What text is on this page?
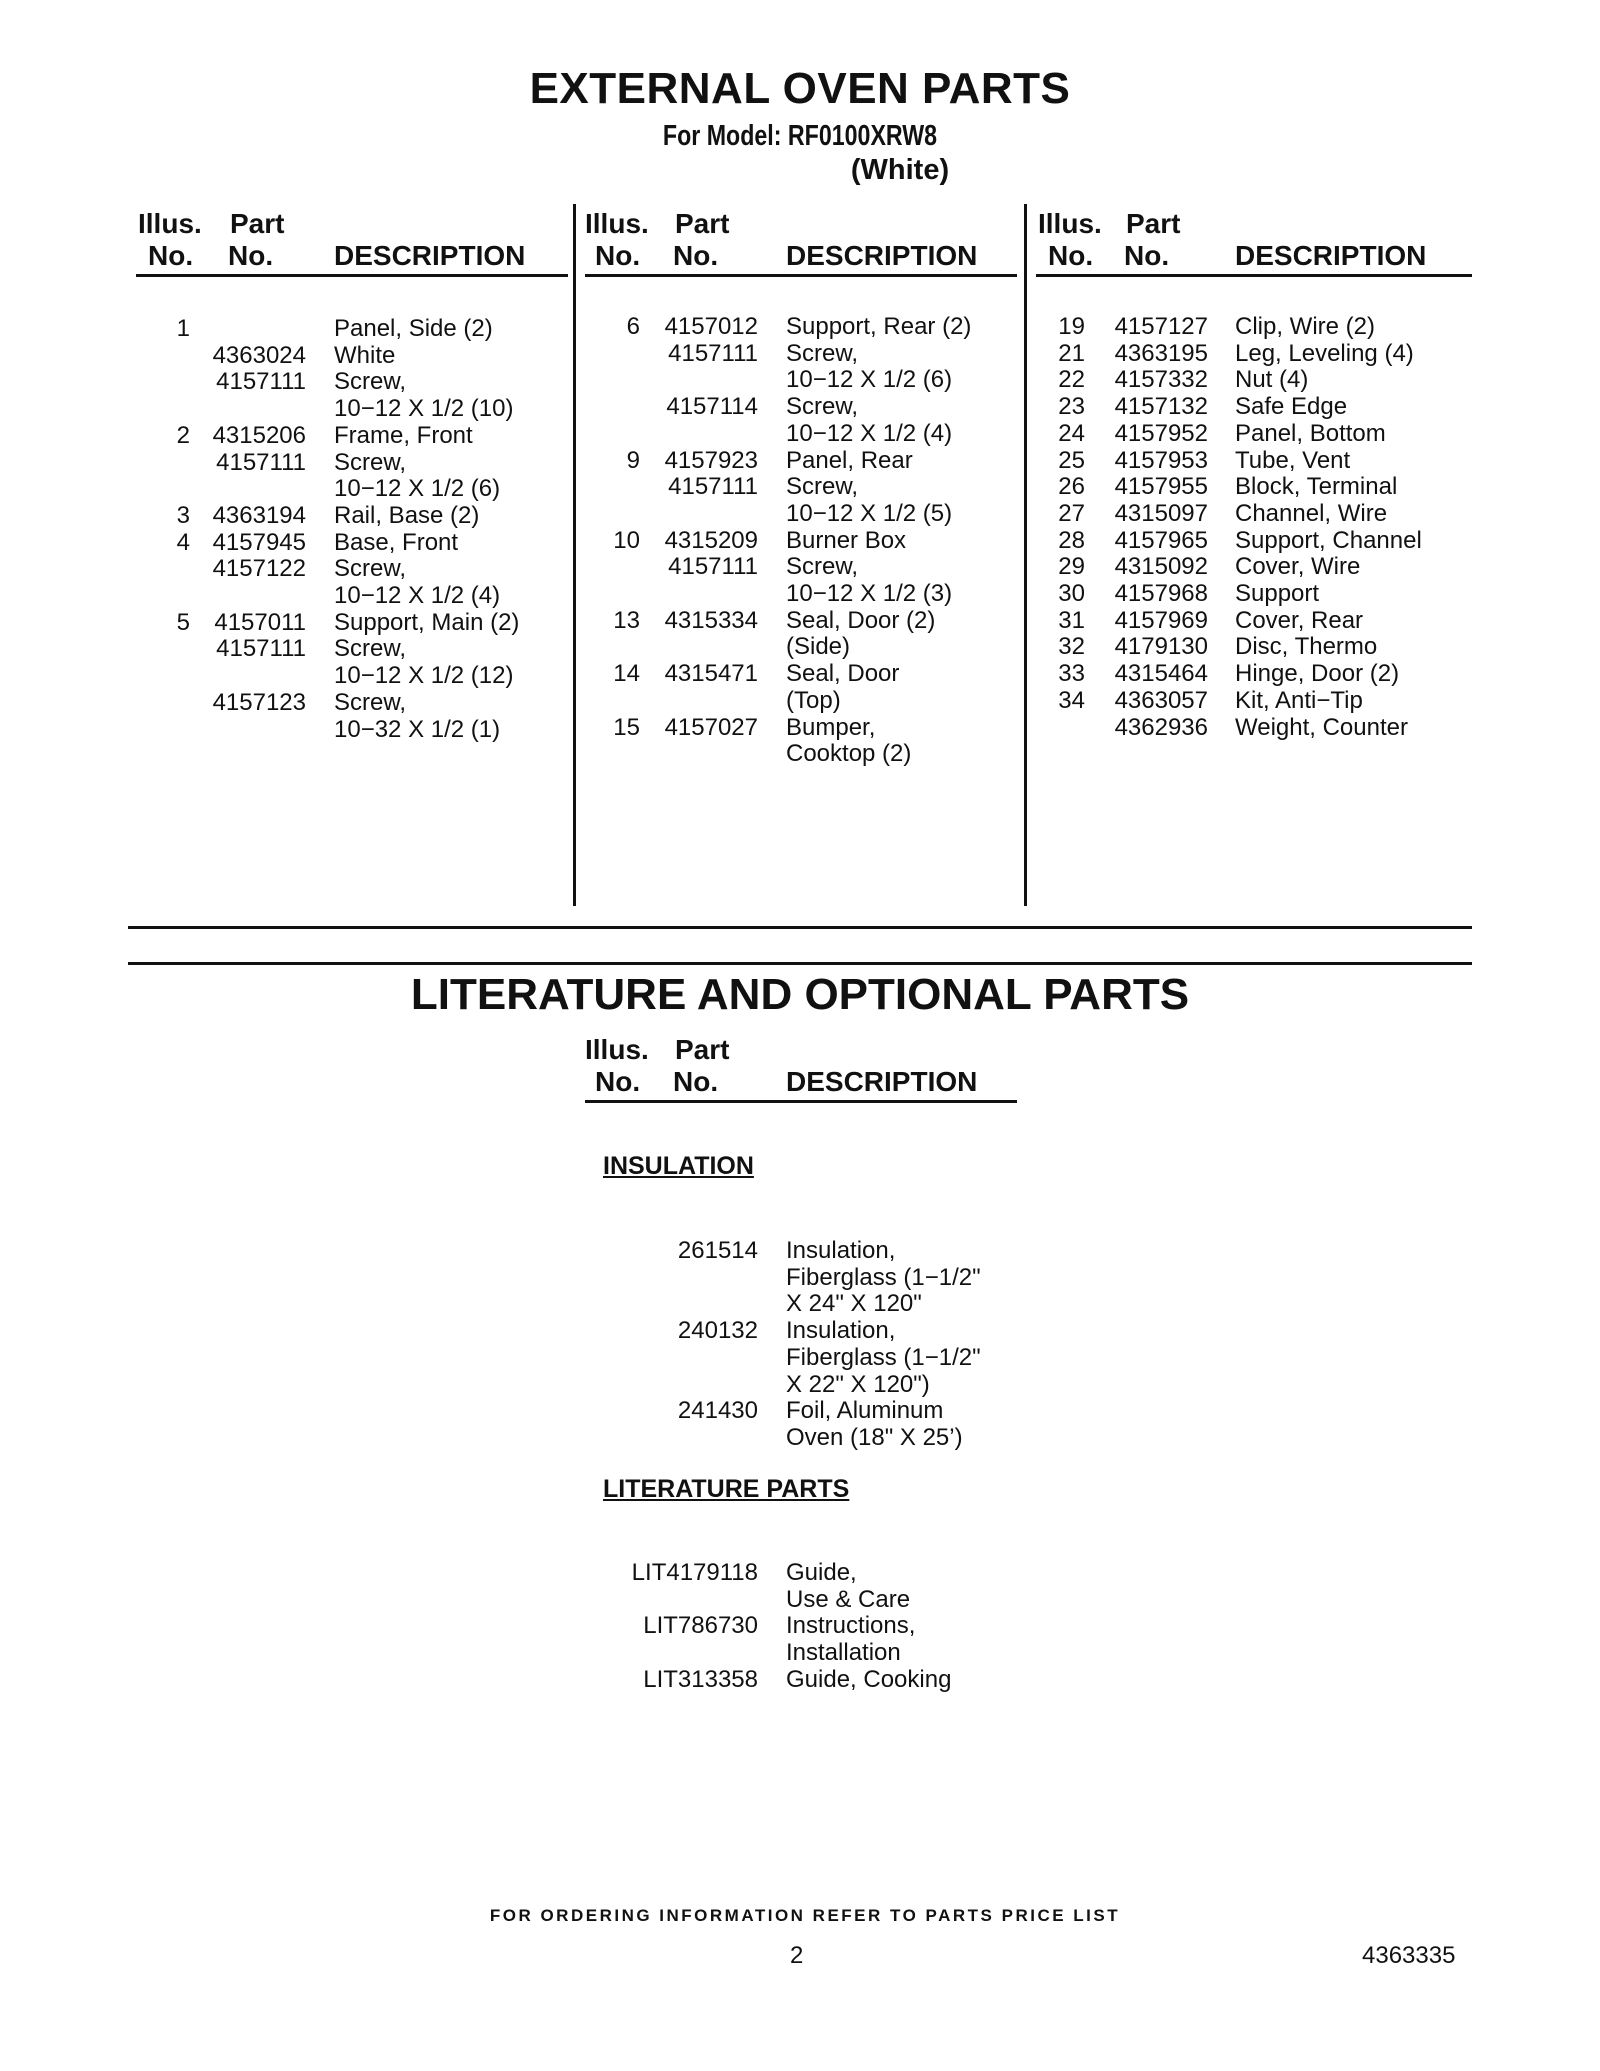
EXTERNAL OVEN PARTS
For Model: RF0100XRW8
(White)
Illus.
No.
Part
No. DESCRIPTION
Illus.
No.
Part
No. DESCRIPTION
Illus.
No.
Part
No. DESCRIPTION
1	Panel, Side (2)
4363024 White
4157111 Screw,
10−12 X 1/2 (10)
2 4315206 Frame, Front
4157111 Screw,
10−12 X 1/2 (6)
3 4363194 Rail, Base (2)
4 4157945 Base, Front
4157122 Screw,
10−12 X 1/2 (4)
5	4157011 Support, Main (2)
4157111 Screw,
10−12 X 1/2 (12)
4157123 Screw,
10−32 X 1/2 (1)
6	4157012 Support, Rear (2)
4157111 Screw,
10−12 X 1/2 (6)
4157114 Screw,
10−12 X 1/2 (4)
9	4157923 Panel, Rear
4157111 Screw,
10−12 X 1/2 (5)
10	4315209 Burner Box
4157111 Screw,
10−12 X 1/2 (3)
13	4315334 Seal, Door (2)
(Side)
14	4315471 Seal, Door
(Top)
15	4157027 Bumper,
Cooktop (2)
19	4157127 Clip, Wire (2)
21	4363195 Leg, Leveling (4)
22	4157332 Nut (4)
23	4157132 Safe Edge
24	4157952 Panel, Bottom
25	4157953 Tube, Vent
26	4157955 Block, Terminal
27	4315097 Channel, Wire
28	4157965 Support, Channel
29	4315092 Cover, Wire
30	4157968 Support
31	4157969 Cover, Rear
32	4179130 Disc, Thermo
33	4315464 Hinge, Door (2)
34	4363057 Kit, Anti−Tip
4362936 Weight, Counter
LITERATURE AND OPTIONAL PARTS
Illus.
No.
Part
No. DESCRIPTION
INSULATION
261514 Insulation,
Fiberglass (1−1/2"
X 24" X 120"
240132 Insulation,
Fiberglass (1−1/2"
X 22" X 120")
241430 Foil, Aluminum
Oven (18" X 25’)
LITERATURE PARTS
LIT4179118 Guide,
Use & Care
LIT786730 Instructions,
Installation
LIT313358 Guide, Cooking
FOR ORDERING INFORMATION REFER TO PARTS PRICE LIST
2	4363335
